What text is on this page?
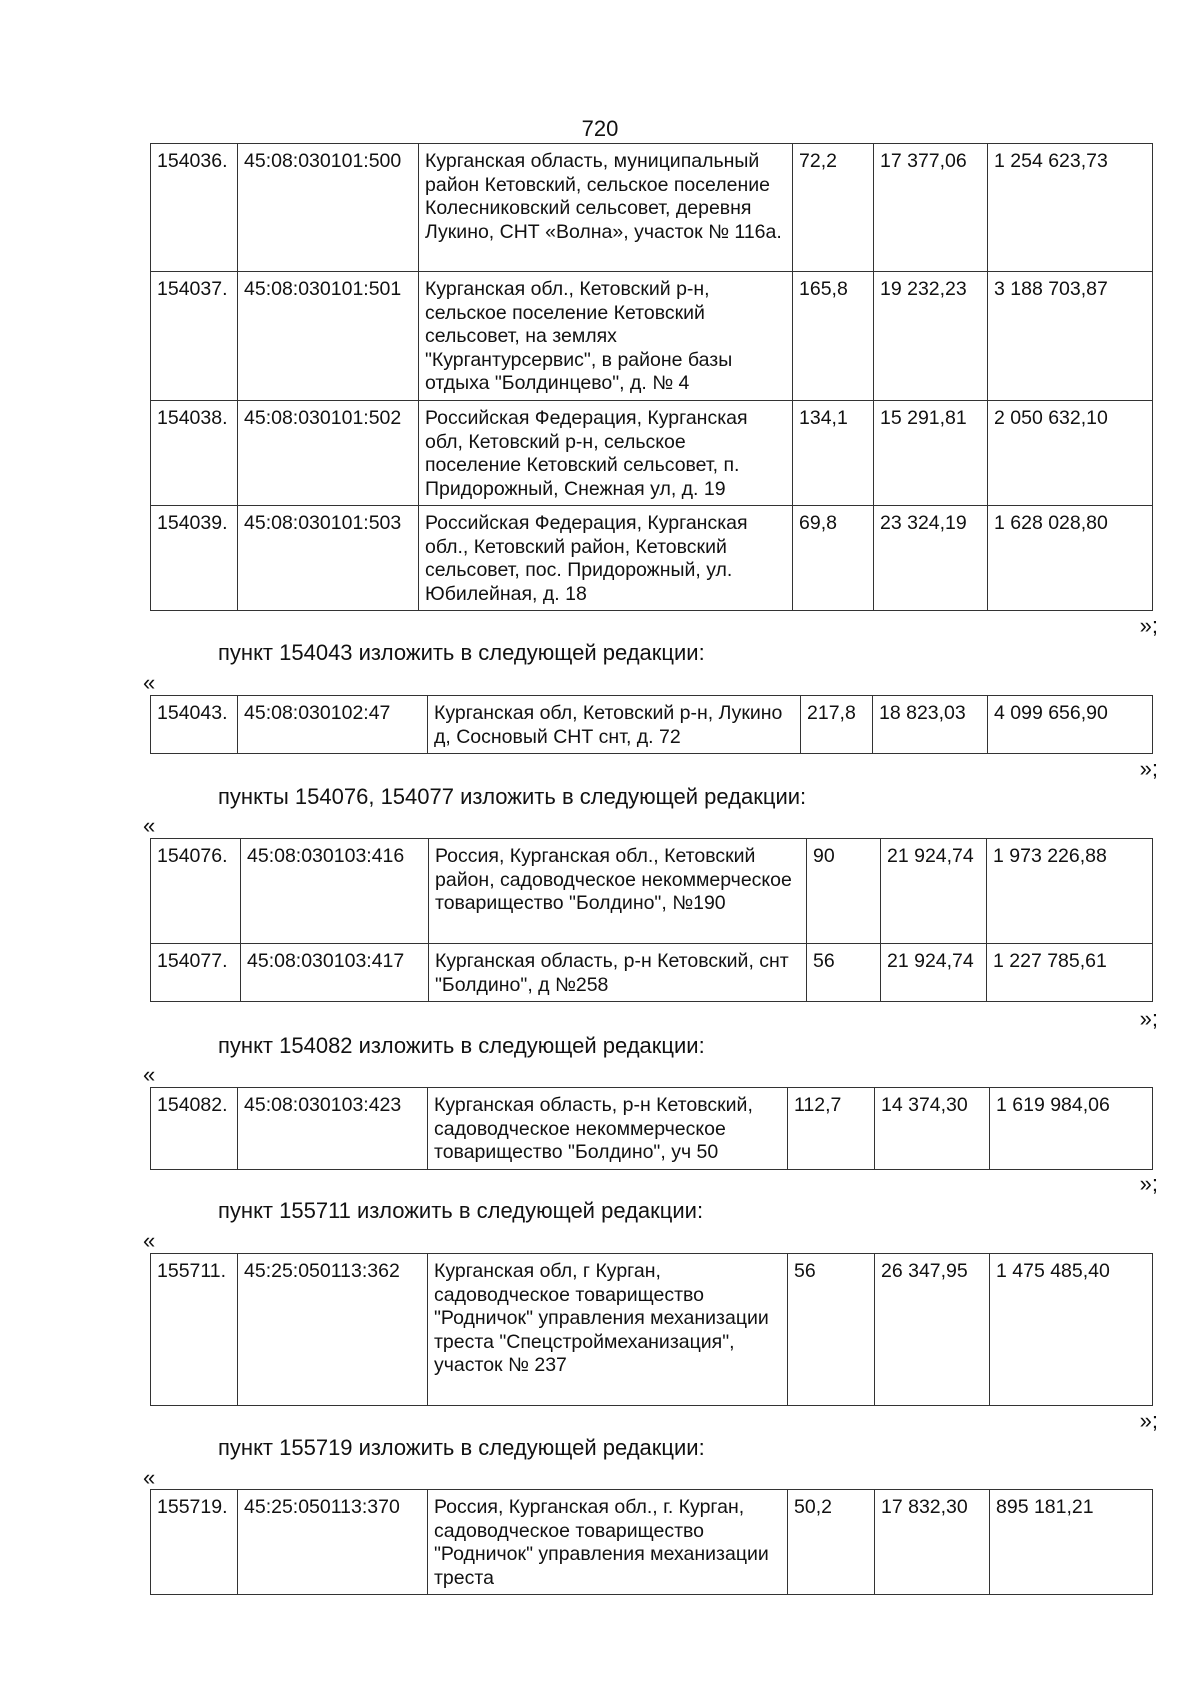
720
154036.	45:08:030101:500	Курганская область, муниципальный район Кетовский, сельское поселение Колесниковский сельсовет, деревня Лукино, СНТ «Волна», участок № 116а.	72,2	17 377,06	1 254 623,73
154037.	45:08:030101:501	Курганская обл., Кетовский р-н, сельское поселение Кетовский сельсовет, на землях "Кургантурсервис", в районе базы отдыха "Болдинцево", д. № 4	165,8	19 232,23	3 188 703,87
154038.	45:08:030101:502	Российская Федерация, Курганская обл, Кетовский р-н, сельское поселение Кетовский сельсовет, п. Придорожный, Снежная ул, д. 19	134,1	15 291,81	2 050 632,10
154039.	45:08:030101:503	Российская Федерация, Курганская обл., Кетовский район, Кетовский сельсовет, пос. Придорожный, ул. Юбилейная, д. 18	69,8	23 324,19	1 628 028,80
»;
пункт 154043 изложить в следующей редакции:
«
154043.	45:08:030102:47	Курганская обл, Кетовский р-н, Лукино д, Сосновый СНТ снт, д. 72	217,8	18 823,03	4 099 656,90
»;
пункты 154076, 154077 изложить в следующей редакции:
«
154076.	45:08:030103:416	Россия, Курганская обл., Кетовский район, садоводческое некоммерческое товарищество "Болдино", №190	90	21 924,74	1 973 226,88
154077.	45:08:030103:417	Курганская область, р-н Кетовский, снт "Болдино", д №258	56	21 924,74	1 227 785,61
»;
пункт 154082 изложить в следующей редакции:
«
154082.	45:08:030103:423	Курганская область, р-н Кетовский, садоводческое некоммерческое товарищество "Болдино", уч 50	112,7	14 374,30	1 619 984,06
»;
пункт 155711 изложить в следующей редакции:
«
155711.	45:25:050113:362	Курганская обл, г Курган, садоводческое товарищество "Родничок" управления механизации треста "Спецстроймеханизация", участок № 237	56	26 347,95	1 475 485,40
»;
пункт 155719 изложить в следующей редакции:
«
155719.	45:25:050113:370	Россия, Курганская обл., г. Курган, садоводческое товарищество "Родничок" управления механизации треста	50,2	17 832,30	895 181,21
